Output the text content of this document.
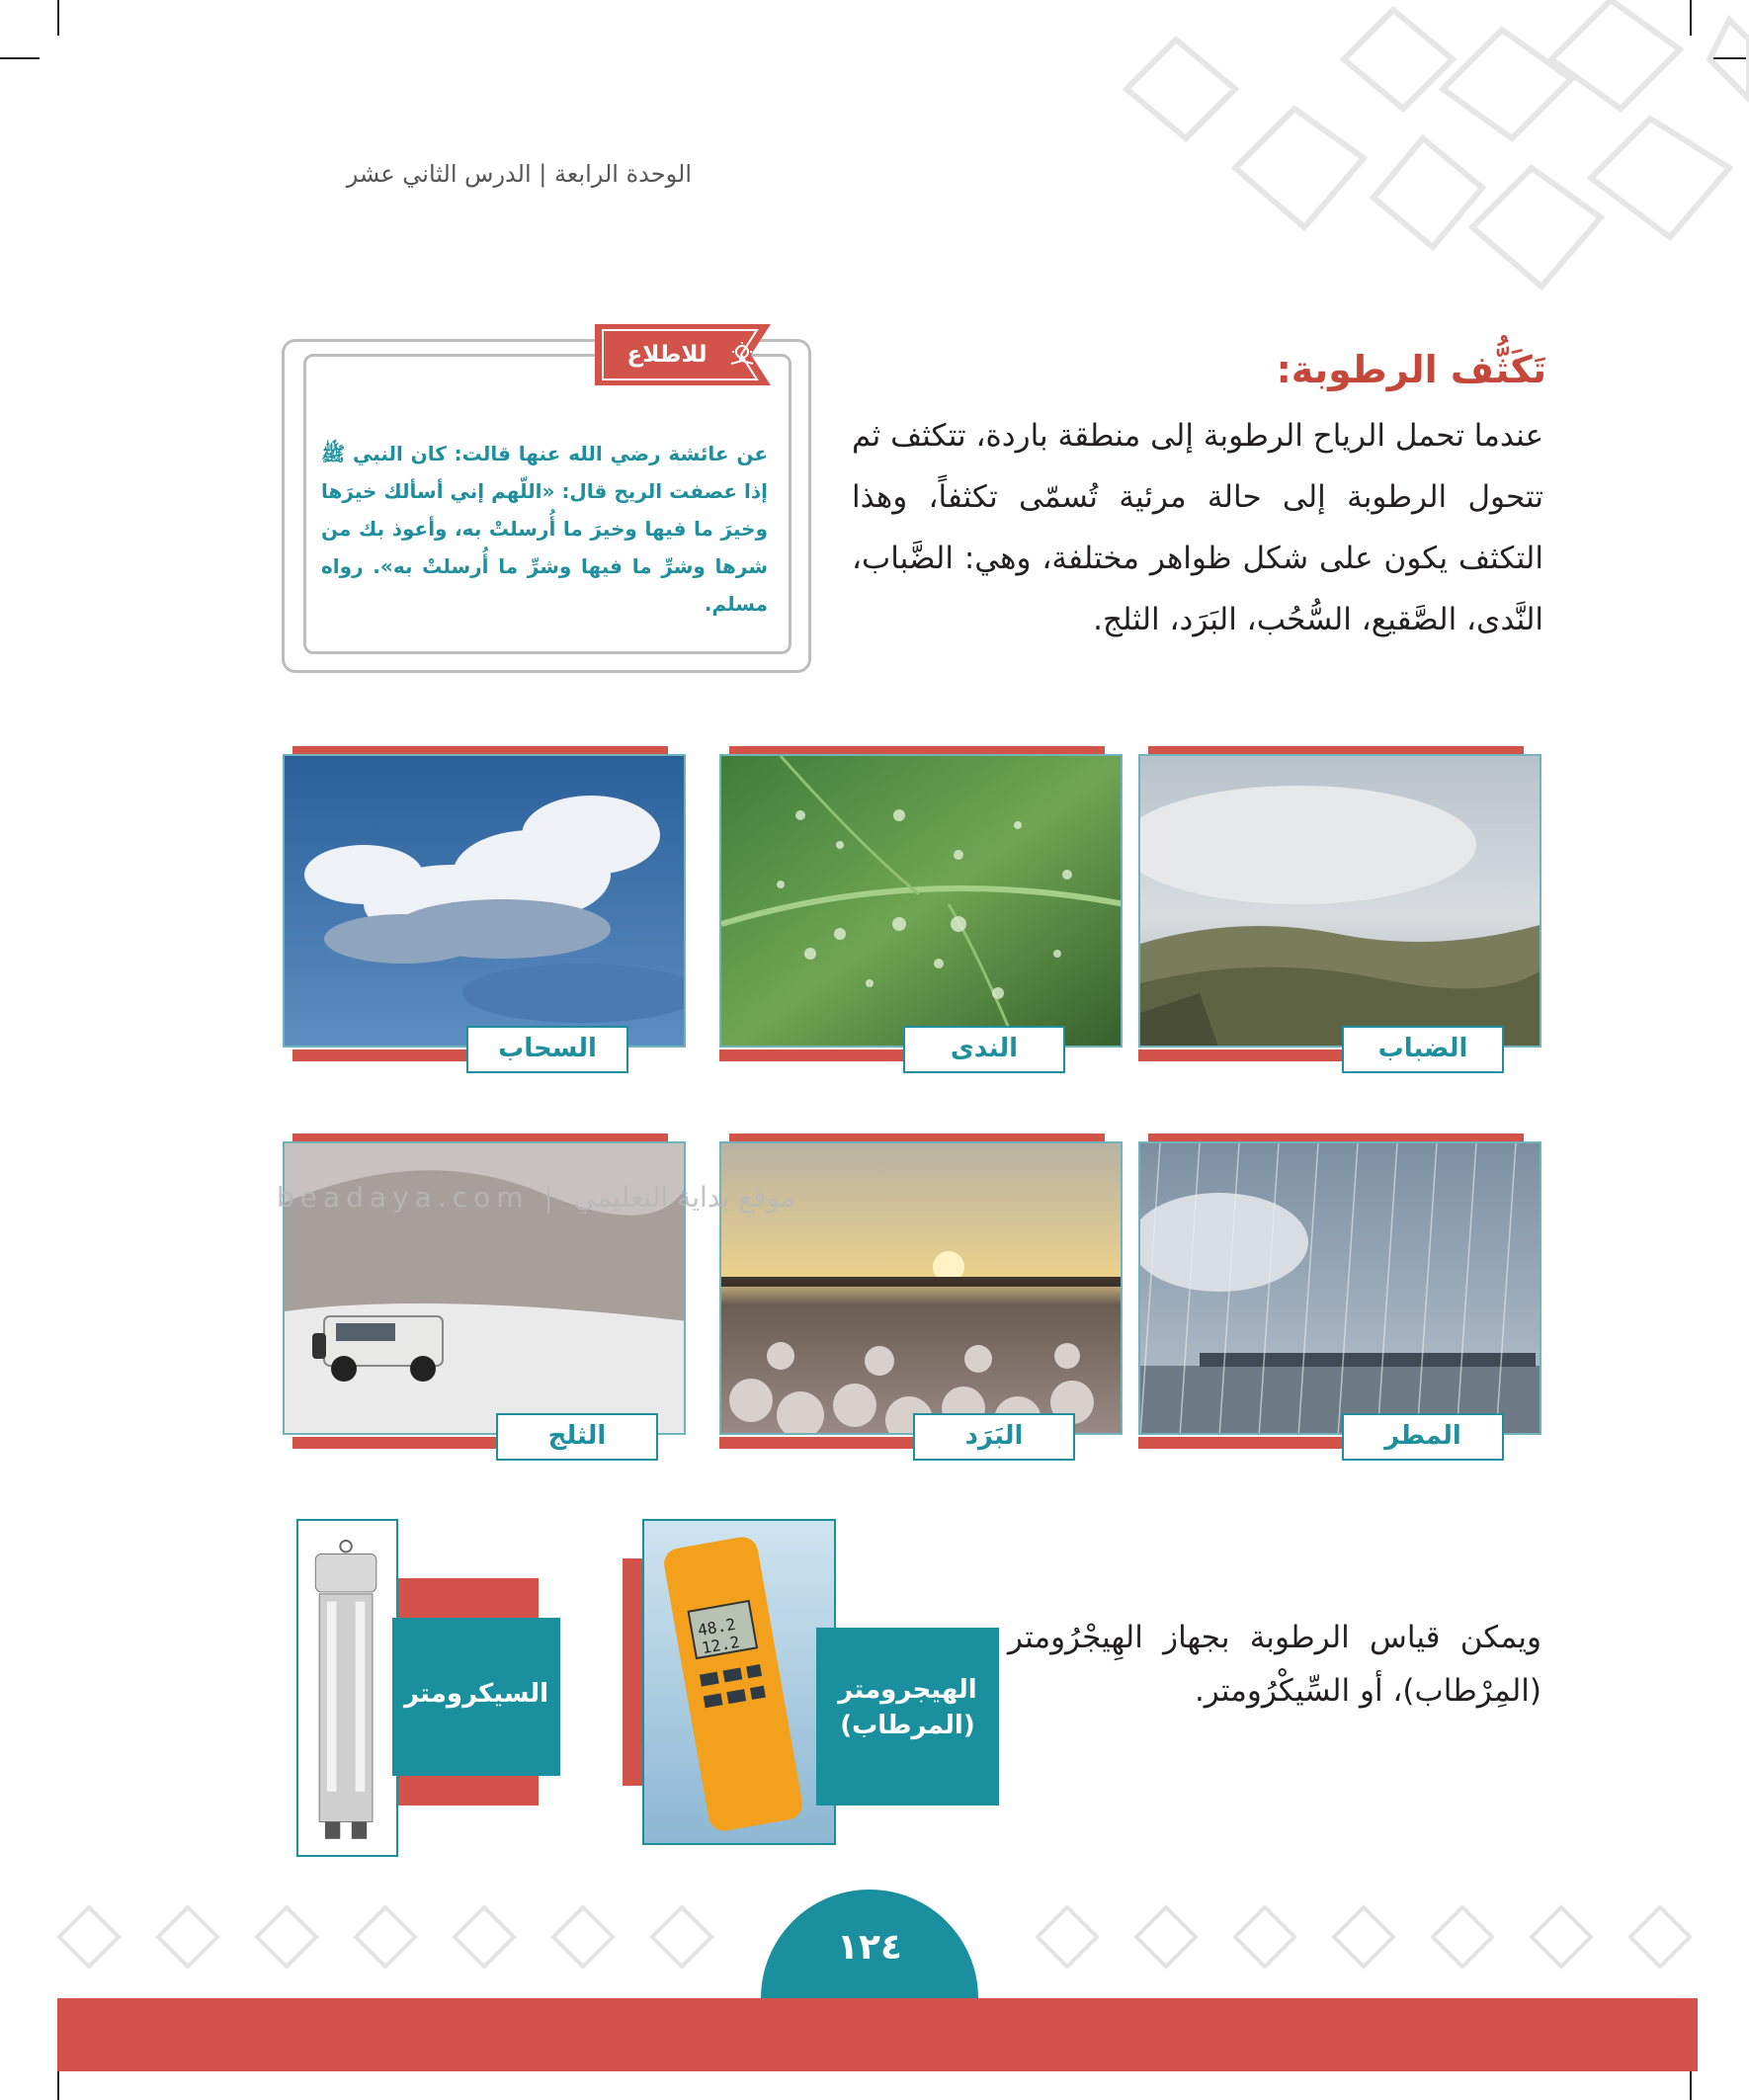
الوحدة الرابعة | الدرس الثاني عشر
للاطلاع
عن عائشة رضي الله عنها قالت: كان النبي ﷺ إذا عصفت الريح قال: «اللّهم إني أسألك خيرَها وخيرَ ما فيها وخيرَ ما أُرسلتْ به، وأعوذ بك من شرها وشرِّ ما فيها وشرِّ ما أُرسلتْ به». رواه مسلم.
تَكَثُّف الرطوبة:
عندما تحمل الرياح الرطوبة إلى منطقة باردة، تتكثف ثم تتحول الرطوبة إلى حالة مرئية تُسمّى تكثفاً، وهذا التكثف يكون على شكل ظواهر مختلفة، وهي: الضَّباب، النَّدى، الصَّقيع، السُّحُب، البَرَد، الثلج.
الضباب
الندى
السحاب
المطر
البَرَد
الثلج
beadaya.com | موقع بداية التعليمي
48.2
12.2
الهيجرومتر
(المرطاب)
السيكرومتر
ويمكن قياس الرطوبة بجهاز الهِيجْرُومتر (المِرْطاب)، أو السِّيكْرُومتر.
١٢٤
